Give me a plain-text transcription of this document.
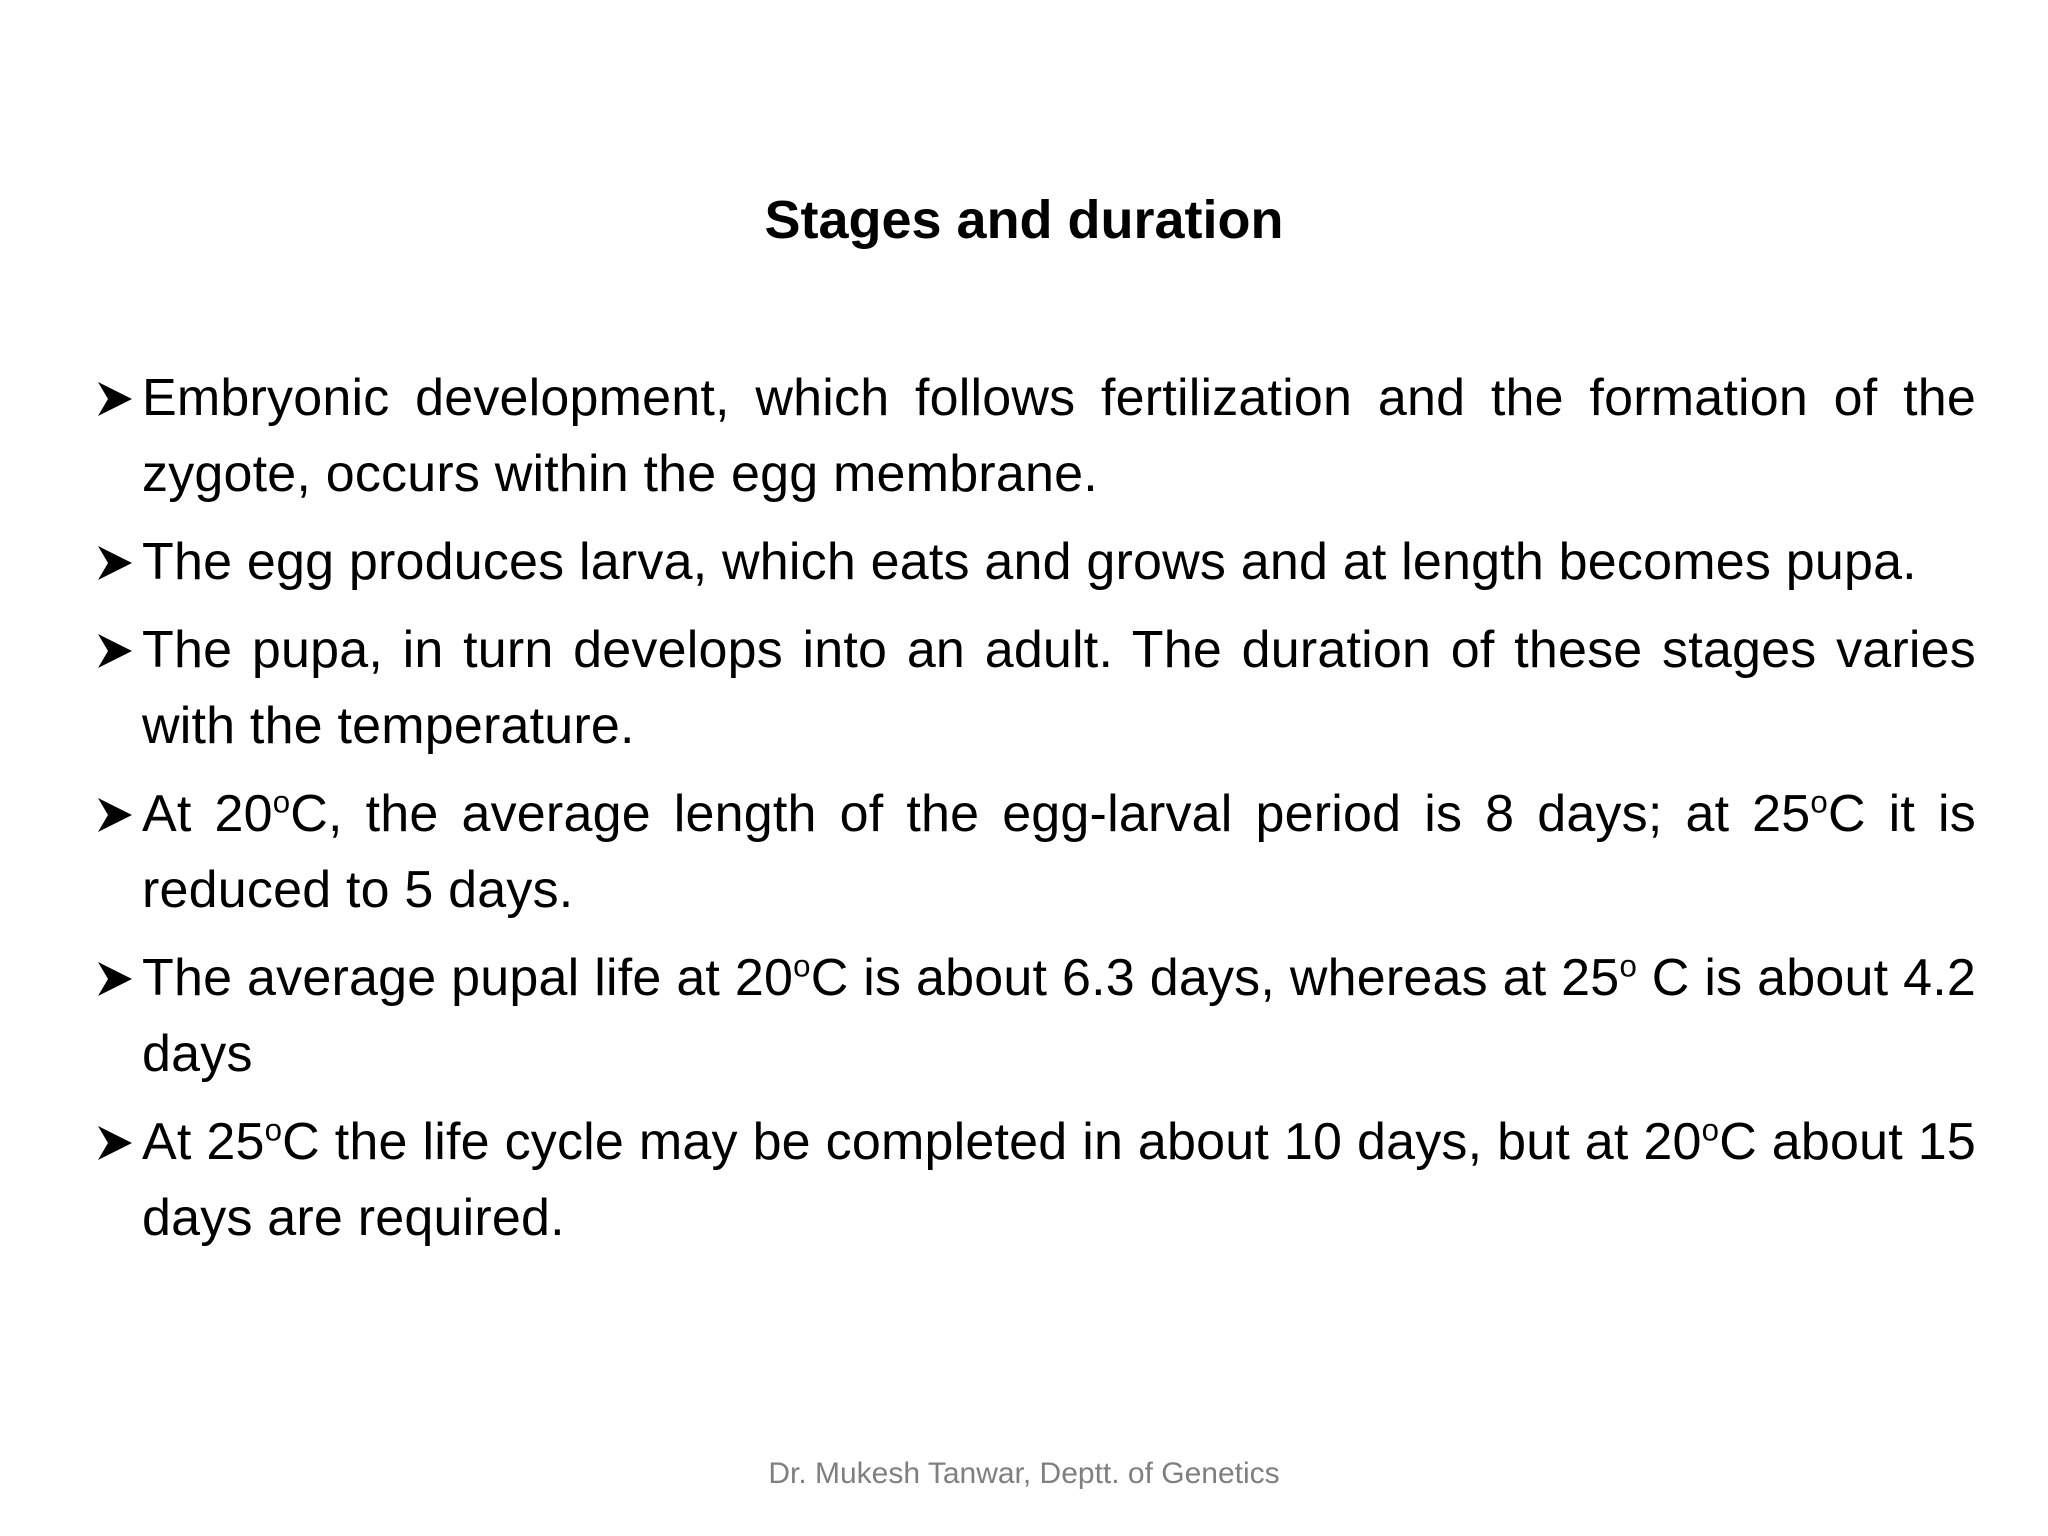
Stages and duration
Embryonic development, which follows fertilization and the formation of the zygote, occurs within the egg membrane.
The egg produces larva, which eats and grows and at length becomes pupa.
The pupa, in turn develops into an adult. The duration of these stages varies with the temperature.
At 20$^o$C, the average length of the egg-larval period is 8 days; at 25$^o$C it is reduced to 5 days.
The average pupal life at 20$^o$C is about 6.3 days, whereas at 25$^o$ C is about 4.2 days
At 25$^o$C the life cycle may be completed in about 10 days, but at 20$^o$C about 15 days are required.
Dr. Mukesh Tanwar, Deptt. of Genetics
